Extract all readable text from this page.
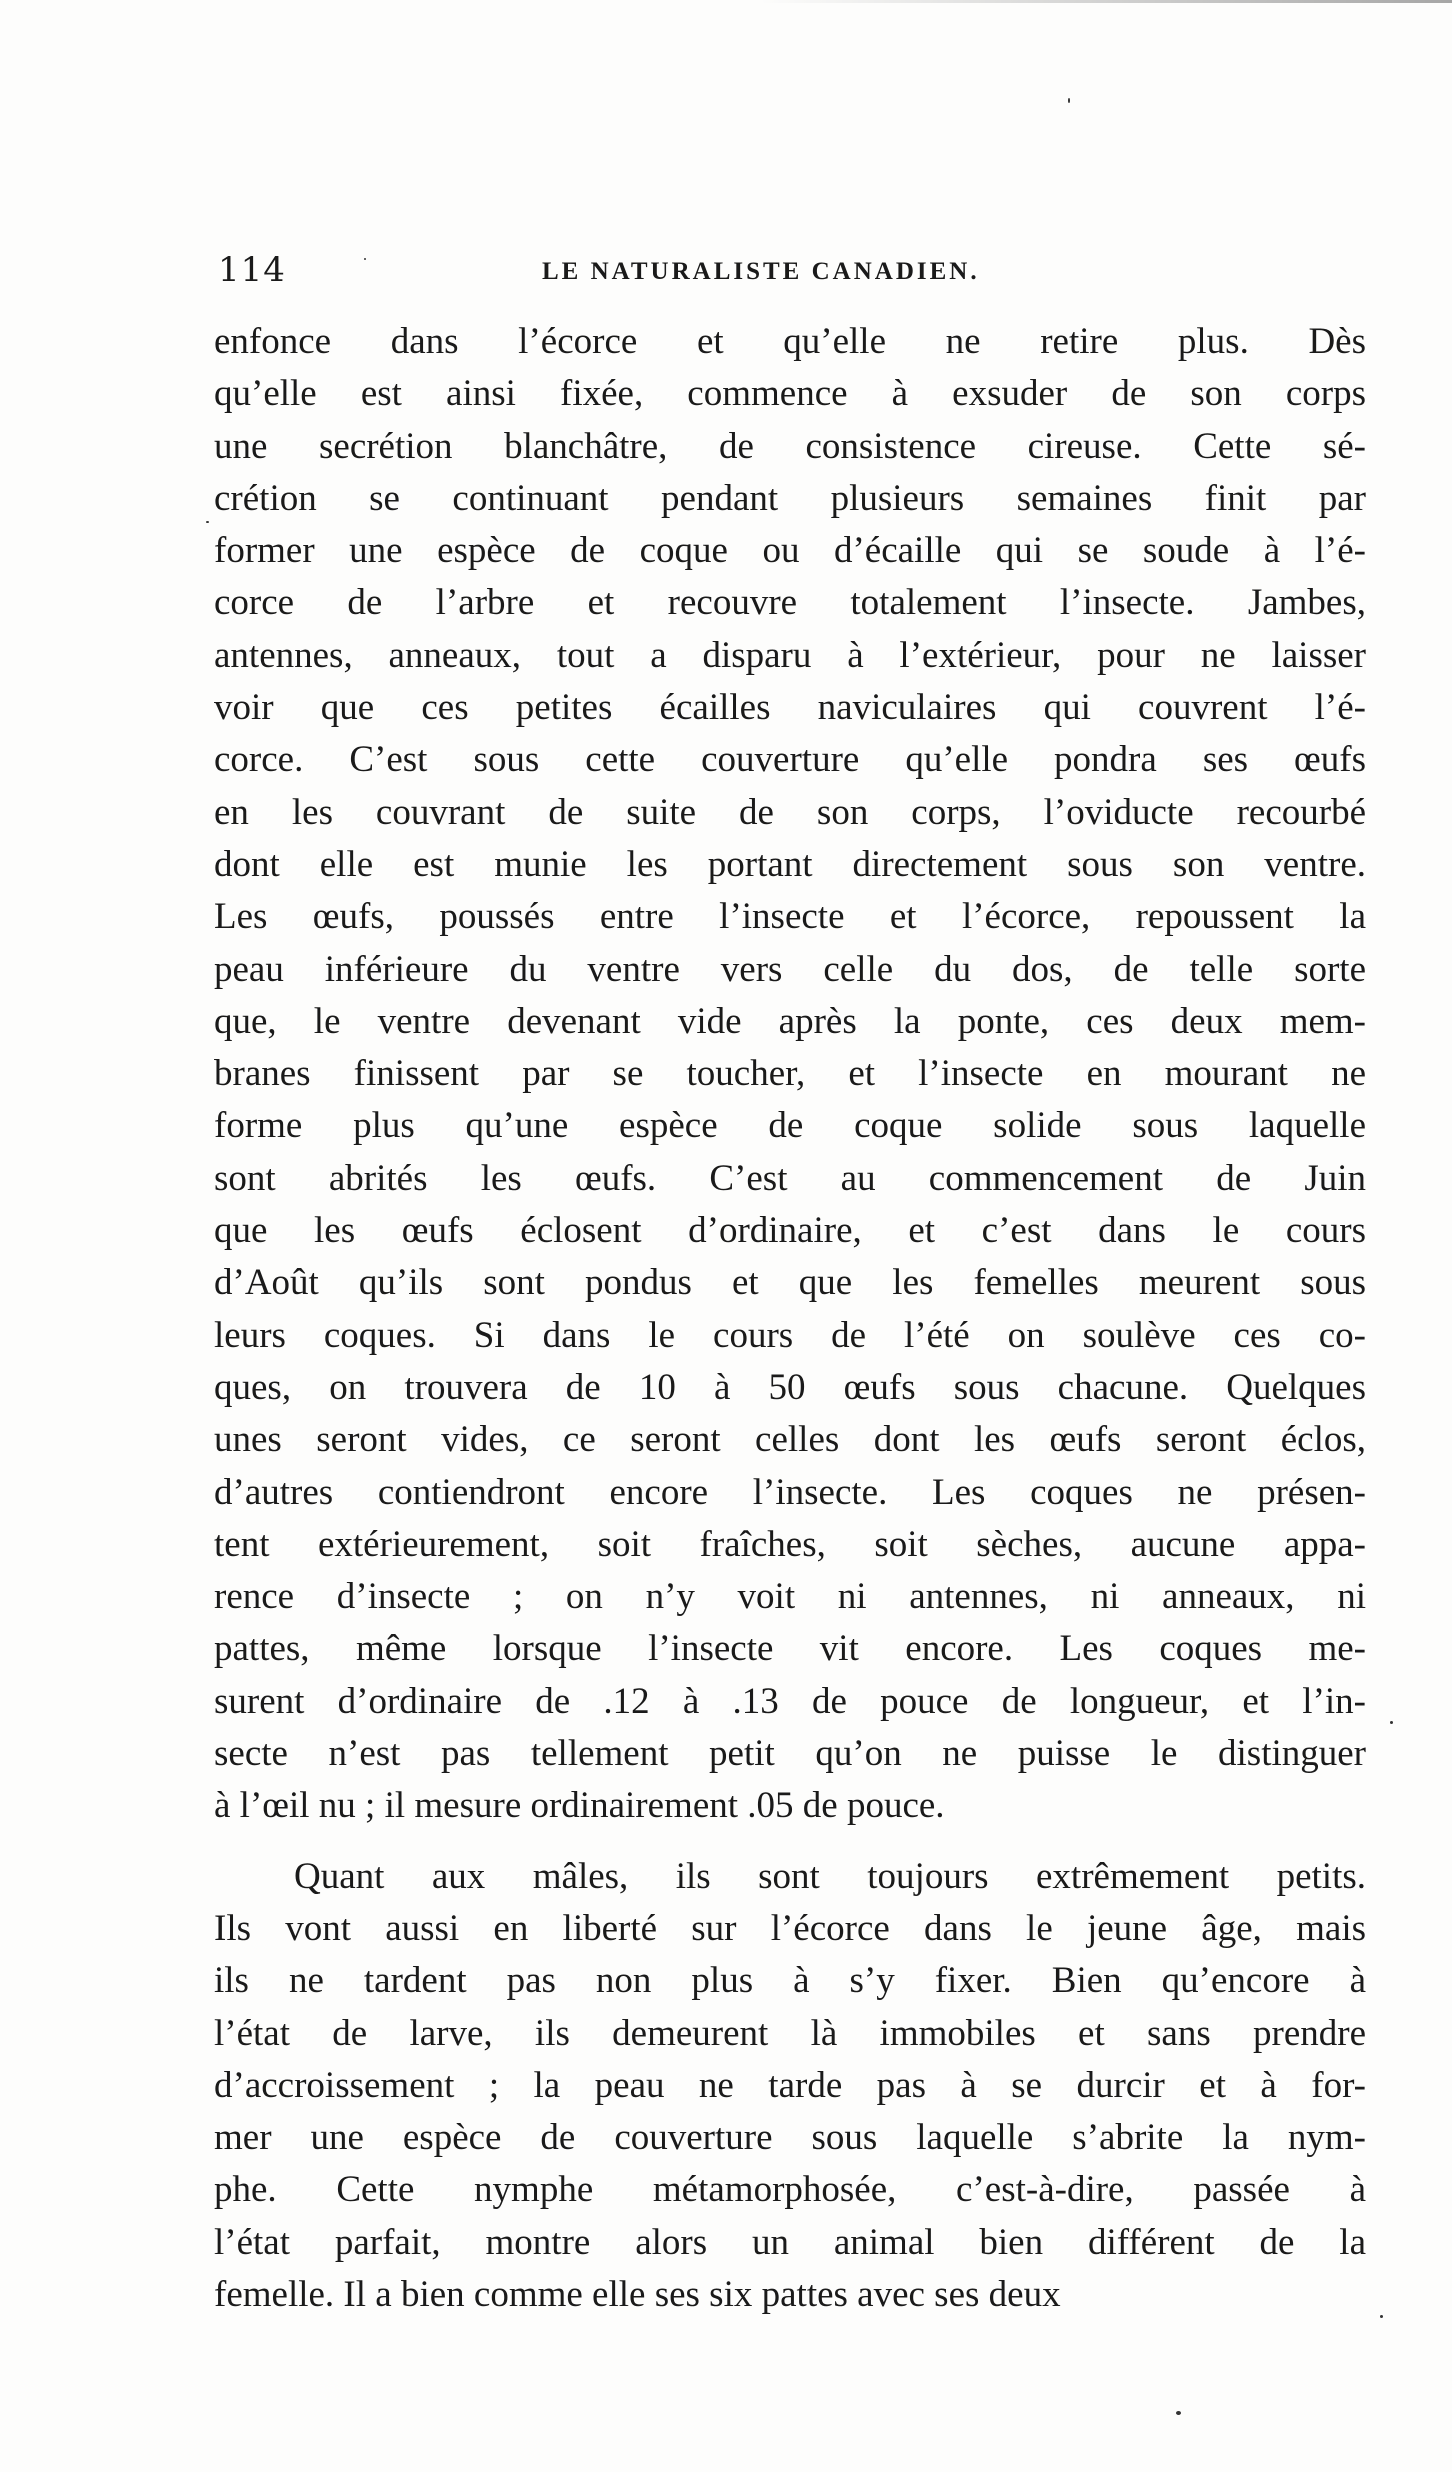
114	LE NATURALISTE CANADIEN.
enfonce dans l’écorce et qu’elle ne retire plus. Dès
qu’elle est ainsi fixée, commence à exsuder de son corps
une secrétion blanchâtre, de consistence cireuse. Cette sé-
crétion se continuant pendant plusieurs semaines finit par
former une espèce de coque ou d’écaille qui se soude à l’é-
corce de l’arbre et recouvre totalement l’insecte. Jambes,
antennes, anneaux, tout a disparu à l’extérieur, pour ne laisser
voir que ces petites écailles naviculaires qui couvrent l’é-
corce. C’est sous cette couverture qu’elle pondra ses œufs
en les couvrant de suite de son corps, l’oviducte recourbé
dont elle est munie les portant directement sous son ventre.
Les œufs, poussés entre l’insecte et l’écorce, repoussent la
peau inférieure du ventre vers celle du dos, de telle sorte
que, le ventre devenant vide après la ponte, ces deux mem-
branes finissent par se toucher, et l’insecte en mourant ne
forme plus qu’une espèce de coque solide sous laquelle
sont abrités les œufs. C’est au commencement de Juin
que les œufs éclosent d’ordinaire, et c’est dans le cours
d’Août qu’ils sont pondus et que les femelles meurent sous
leurs coques. Si dans le cours de l’été on soulève ces co-
ques, on trouvera de 10 à 50 œufs sous chacune. Quelques
unes seront vides, ce seront celles dont les œufs seront éclos,
d’autres contiendront encore l’insecte. Les coques ne présen-
tent extérieurement, soit fraîches, soit sèches, aucune appa-
rence d’insecte ; on n’y voit ni antennes, ni anneaux, ni
pattes, même lorsque l’insecte vit encore. Les coques me-
surent d’ordinaire de .12 à .13 de pouce de longueur, et l’in-
secte n’est pas tellement petit qu’on ne puisse le distinguer
à l’œil nu ; il mesure ordinairement .05 de pouce.
Quant aux mâles, ils sont toujours extrêmement petits.
Ils vont aussi en liberté sur l’écorce dans le jeune âge, mais
ils ne tardent pas non plus à s’y fixer. Bien qu’encore à
l’état de larve, ils demeurent là immobiles et sans prendre
d’accroissement ; la peau ne tarde pas à se durcir et à for-
mer une espèce de couverture sous laquelle s’abrite la nym-
phe. Cette nymphe métamorphosée, c’est-à-dire, passée à
l’état parfait, montre alors un animal bien différent de la
femelle. Il a bien comme elle ses six pattes avec ses deux
